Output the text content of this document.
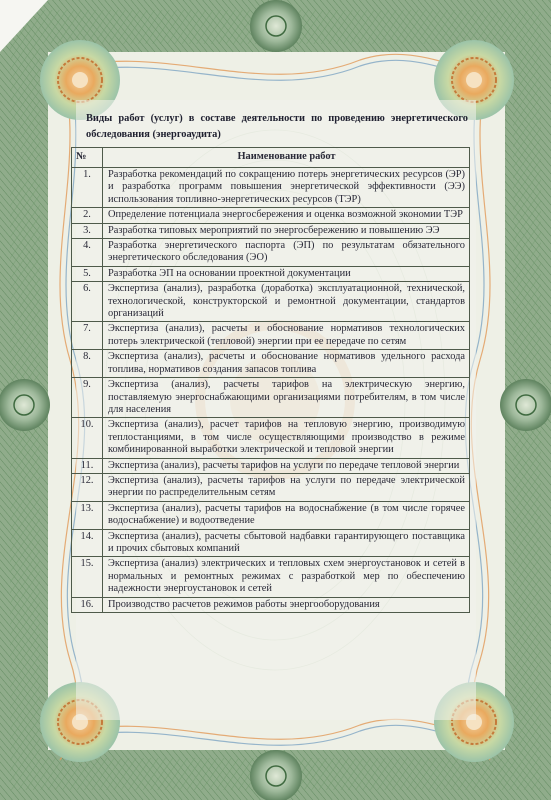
Виды работ (услуг) в составе деятельности по проведению энергетического обследования (энергоаудита)
№	Наименование работ
1.	Разработка рекомендаций по сокращению потерь энергетических ресурсов (ЭР) и разработка программ повышения энергетической эффективности (ЭЭ) использования топливно-энергетических ресурсов (ТЭР)
2.	Определение потенциала энергосбережения и оценка возможной экономии ТЭР
3.	Разработка типовых мероприятий по энергосбережению и повышению ЭЭ
4.	Разработка энергетического паспорта (ЭП) по результатам обязательного энергетического обследования (ЭО)
5.	Разработка ЭП на основании проектной документации
6.	Экспертиза (анализ), разработка (доработка) эксплуатационной, технической, технологической, конструкторской и ремонтной документации, стандартов организаций
7.	Экспертиза (анализ), расчеты и обоснование нормативов технологических потерь электрической (тепловой) энергии при ее передаче по сетям
8.	Экспертиза (анализ), расчеты и обоснование нормативов удельного расхода топлива, нормативов создания запасов топлива
9.	Экспертиза (анализ), расчеты тарифов на электрическую энергию, поставляемую энергоснабжающими организациями потребителям, в том числе для населения
10.	Экспертиза (анализ), расчет тарифов на тепловую энергию, производимую теплостанциями, в том числе осуществляющими производство в режиме комбинированной выработки электрической и тепловой энергии
11.	Экспертиза (анализ), расчеты тарифов на услуги по передаче тепловой энергии
12.	Экспертиза (анализ), расчеты тарифов на услуги по передаче электрической энергии по распределительным сетям
13.	Экспертиза (анализ), расчеты тарифов на водоснабжение (в том числе горячее водоснабжение) и водоотведение
14.	Экспертиза (анализ), расчеты сбытовой надбавки гарантирующего поставщика и прочих сбытовых компаний
15.	Экспертиза (анализ) электрических и тепловых схем энергоустановок и сетей в нормальных и ремонтных режимах с разработкой мер по обеспечению надежности энергоустановок и сетей
16.	Производство расчетов режимов работы энергооборудования
